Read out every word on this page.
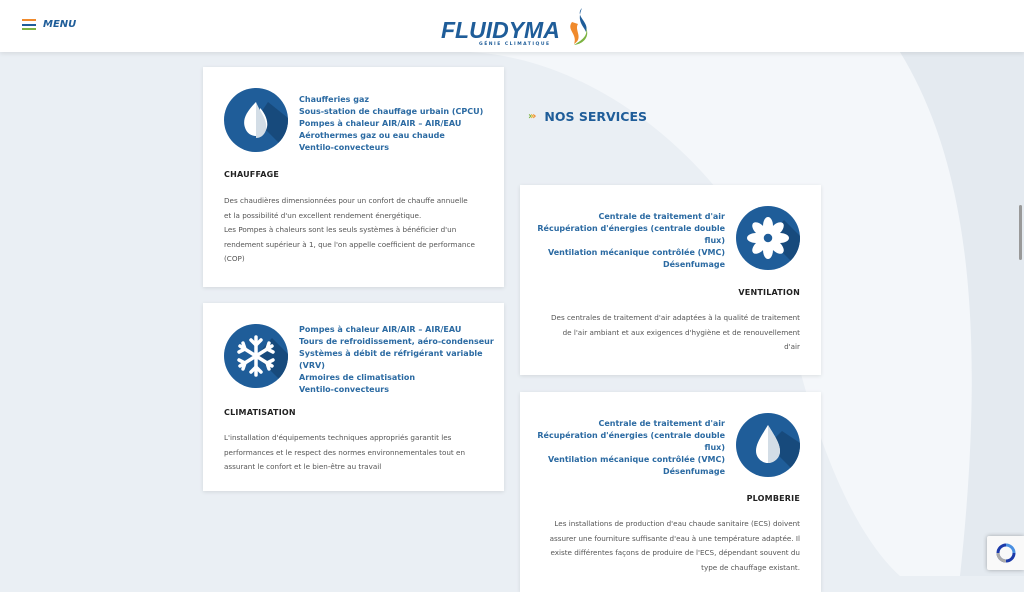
MENU	FLUIDYMA
GÉNIE CLIMATIQUE
››› NOS SERVICES
Chaufferies gaz
Sous-station de chauffage urbain (CPCU)
Pompes à chaleur AIR/AIR – AIR/EAU
Aérothermes gaz ou eau chaude
Ventilo-convecteurs
CHAUFFAGE
Des chaudières dimensionnées pour un confort de chauffe annuelle
et la possibilité d'un excellent rendement énergétique.
Les Pompes à chaleurs sont les seuls systèmes à bénéficier d'un
rendement supérieur à 1, que l'on appelle coefficient de performance
(COP)
Pompes à chaleur AIR/AIR – AIR/EAU
Tours de refroidissement, aéro-condenseur
Systèmes à débit de réfrigérant variable
(VRV)
Armoires de climatisation
Ventilo-convecteurs
CLIMATISATION
L'installation d'équipements techniques appropriés garantit les
performances et le respect des normes environnementales tout en
assurant le confort et le bien-être au travail
Centrale de traitement d'air
Récupération d'énergies (centrale double
flux)
Ventilation mécanique contrôlée (VMC)
Désenfumage
VENTILATION
Des centrales de traitement d'air adaptées à la qualité de traitement
de l'air ambiant et aux exigences d'hygiène et de renouvellement
d'air
Centrale de traitement d'air
Récupération d'énergies (centrale double
flux)
Ventilation mécanique contrôlée (VMC)
Désenfumage
PLOMBERIE
Les installations de production d'eau chaude sanitaire (ECS) doivent
assurer une fourniture suffisante d'eau à une température adaptée. Il
existe différentes façons de produire de l'ECS, dépendant souvent du
type de chauffage existant.
